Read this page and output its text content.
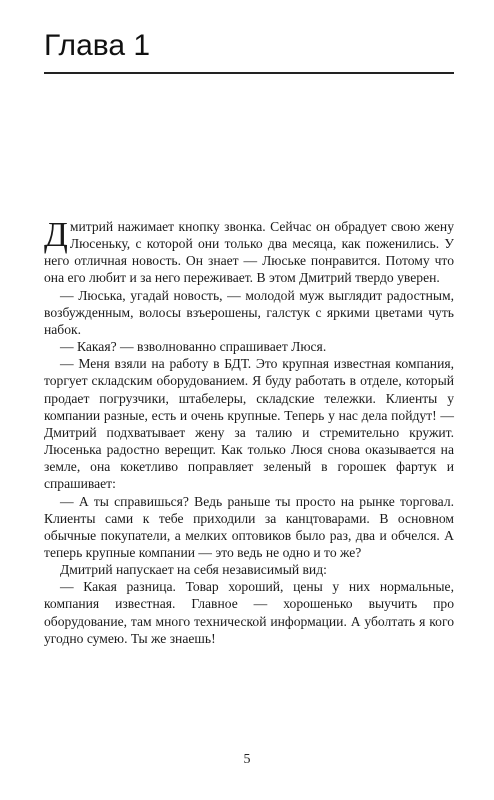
Глава 1

Дмитрий нажимает кнопку звонка. Сейчас он обрадует свою жену Люсеньку, с которой они только два месяца, как поженились. У него отличная новость. Он знает — Люське понравится. Потому что она его любит и за него переживает. В этом Дмитрий твердо уверен.

— Люська, угадай новость, — молодой муж выглядит радостным, возбужденным, волосы взъерошены, галстук с яркими цветами чуть набок.

— Какая? — взволнованно спрашивает Люся.

— Меня взяли на работу в БДТ. Это крупная известная компания, торгует складским оборудованием. Я буду работать в отделе, который продает погрузчики, штабелеры, складские тележки. Клиенты у компании разные, есть и очень крупные. Теперь у нас дела пойдут! — Дмитрий подхватывает жену за талию и стремительно кружит. Люсенька радостно верещит. Как только Люся снова оказывается на земле, она кокетливо поправляет зеленый в горошек фартук и спрашивает:

— А ты справишься? Ведь раньше ты просто на рынке торговал. Клиенты сами к тебе приходили за канцтоварами. В основном обычные покупатели, а мелких оптовиков было раз, два и обчелся. А теперь крупные компании — это ведь не одно и то же?

Дмитрий напускает на себя независимый вид:

— Какая разница. Товар хороший, цены у них нормальные, компания известная. Главное — хорошенько выучить про оборудование, там много технической информации. А уболтать я кого угодно сумею. Ты же знаешь!

5
